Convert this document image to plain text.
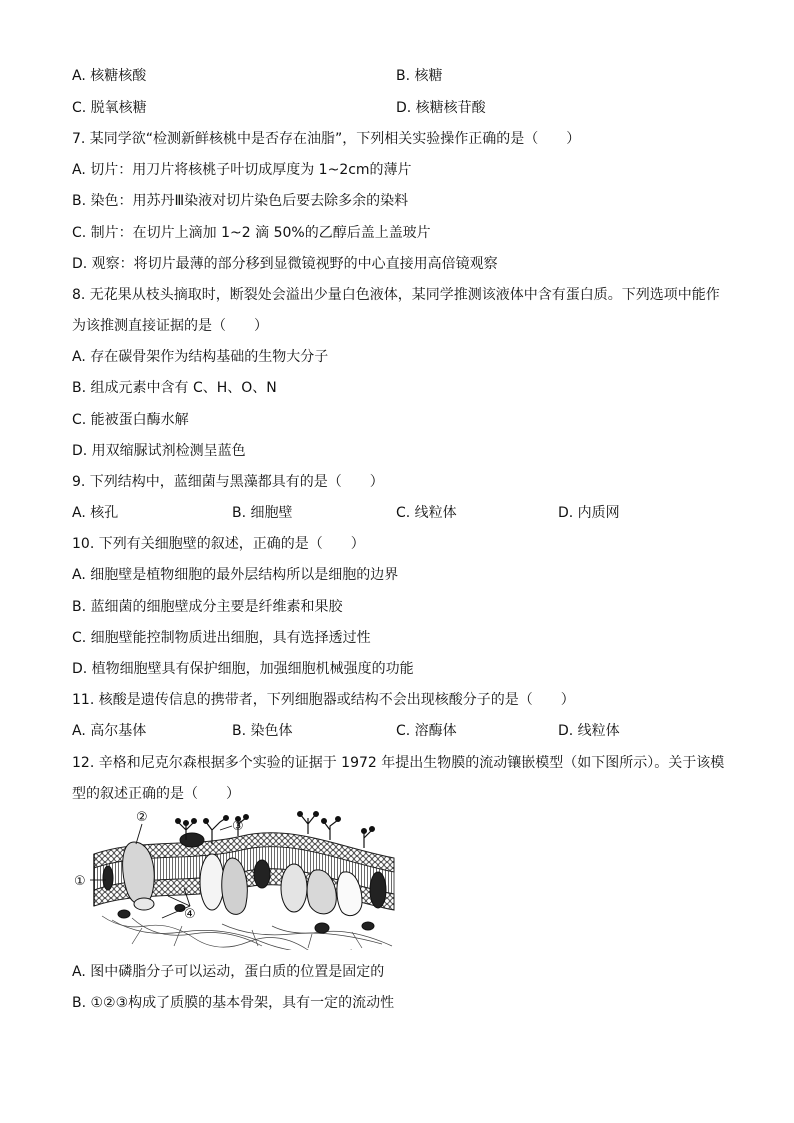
A. 核糖核酸	B. 核糖
C. 脱氧核糖	D. 核糖核苷酸
7. 某同学欲“检测新鲜核桃中是否存在油脂”，下列相关实验操作正确的是（　　）
A. 切片：用刀片将核桃子叶切成厚度为 1~2cm的薄片
B. 染色：用苏丹Ⅲ染液对切片染色后要去除多余的染料
C. 制片：在切片上滴加 1~2 滴 50%的乙醇后盖上盖玻片
D. 观察：将切片最薄的部分移到显微镜视野的中心直接用高倍镜观察
8. 无花果从枝头摘取时，断裂处会溢出少量白色液体，某同学推测该液体中含有蛋白质。下列选项中能作
为该推测直接证据的是（　　）
A. 存在碳骨架作为结构基础的生物大分子
B. 组成元素中含有 C、H、O、N
C. 能被蛋白酶水解
D. 用双缩脲试剂检测呈蓝色
9. 下列结构中，蓝细菌与黑藻都具有的是（　　）
A. 核孔	B. 细胞壁	C. 线粒体	D. 内质网
10. 下列有关细胞壁的叙述，正确的是（　　）
A. 细胞壁是植物细胞的最外层结构所以是细胞的边界
B. 蓝细菌的细胞壁成分主要是纤维素和果胶
C. 细胞壁能控制物质进出细胞，具有选择透过性
D. 植物细胞壁具有保护细胞，加强细胞机械强度的功能
11. 核酸是遗传信息的携带者，下列细胞器或结构不会出现核酸分子的是（　　）
A. 高尔基体	B. 染色体	C. 溶酶体	D. 线粒体
12. 辛格和尼克尔森根据多个实验的证据于 1972 年提出生物膜的流动镶嵌模型（如下图所示）。关于该模
型的叙述正确的是（　　）
①
②
③
④
A. 图中磷脂分子可以运动，蛋白质的位置是固定的
B. ①②③构成了质膜的基本骨架，具有一定的流动性
